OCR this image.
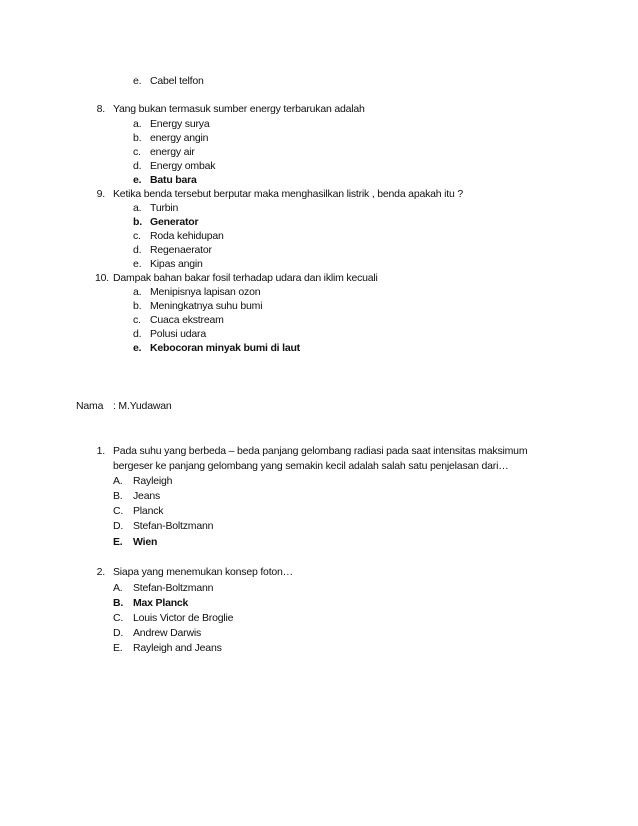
e. Cabel telfon
8. Yang bukan termasuk sumber energy terbarukan adalah
a. Energy surya
b. energy angin
c. energy air
d. Energy ombak
e. Batu bara
9. Ketika benda tersebut berputar maka menghasilkan listrik , benda apakah itu ?
a. Turbin
b. Generator
c. Roda kehidupan
d. Regenaerator
e. Kipas angin
10. Dampak bahan bakar fosil terhadap udara dan iklim kecuali
a. Menipisnya lapisan ozon
b. Meningkatnya suhu bumi
c. Cuaca ekstream
d. Polusi udara
e. Kebocoran minyak bumi di laut
Nama : M.Yudawan
1. Pada suhu yang berbeda – beda panjang gelombang radiasi pada saat intensitas maksimum
bergeser ke panjang gelombang yang semakin kecil adalah salah satu penjelasan dari…
A. Rayleigh
B. Jeans
C. Planck
D. Stefan-Boltzmann
E. Wien
2. Siapa yang menemukan konsep foton…
A. Stefan-Boltzmann
B. Max Planck
C. Louis Victor de Broglie
D. Andrew Darwis
E. Rayleigh and Jeans
